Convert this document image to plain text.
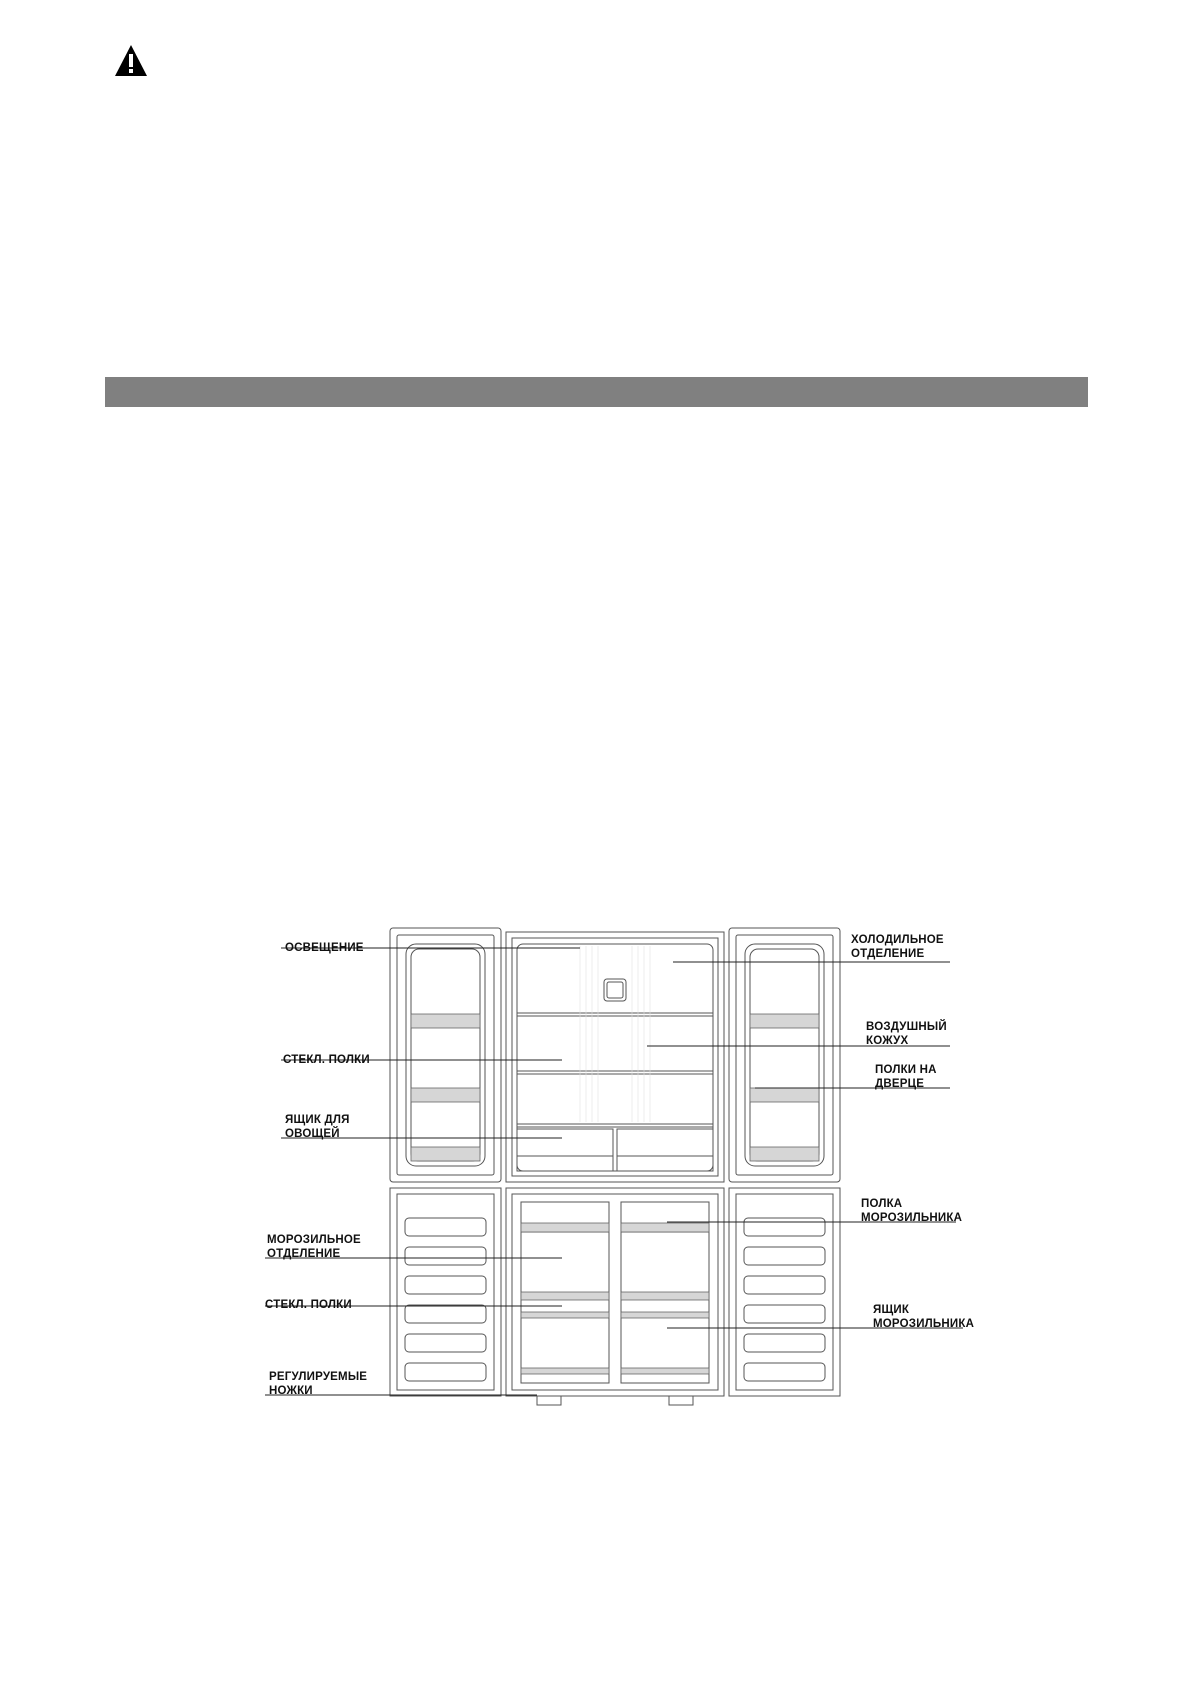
ОСВЕЩЕНИЕ
СТЕКЛ. ПОЛКИ
ЯЩИК ДЛЯ
ОВОЩЕЙ
МОРОЗИЛЬНОЕ
ОТДЕЛЕНИЕ
СТЕКЛ. ПОЛКИ
РЕГУЛИРУЕМЫЕ
НОЖКИ
ХОЛОДИЛЬНОЕ
ОТДЕЛЕНИЕ
ВОЗДУШНЫЙ
КОЖУХ
ПОЛКИ НА
ДВЕРЦЕ
ПОЛКА
МОРОЗИЛЬНИКА
ЯЩИК
МОРОЗИЛЬНИКА
